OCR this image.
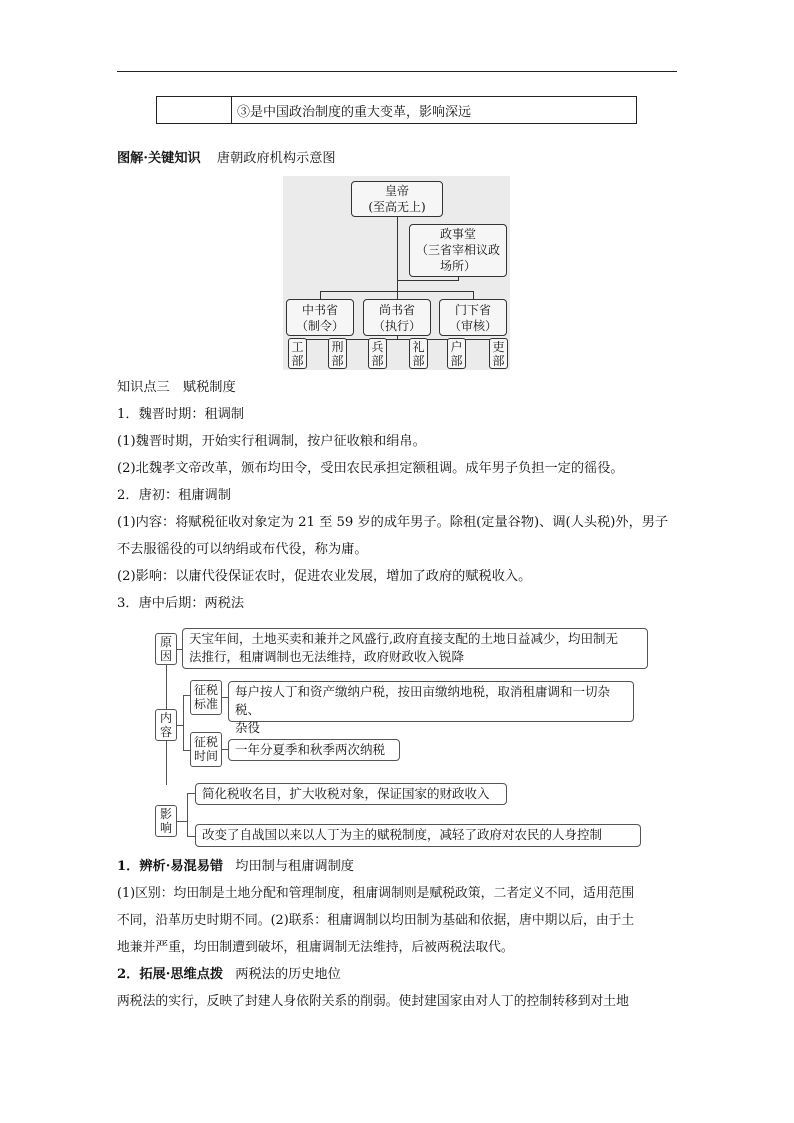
③是中国政治制度的重大变革，影响深远
图解·关键知识 唐朝政府机构示意图
皇帝
(至高无上)
政事堂
（三省宰相议政
场所）
中书省
（制令）
尚书省
（执行）
门下省
（审核）
工
部
刑
部
兵
部
礼
部
户
部
吏
部
知识点三　赋税制度
1．魏晋时期：租调制
(1)魏晋时期，开始实行租调制，按户征收粮和绢帛。
(2)北魏孝文帝改革，颁布均田令，受田农民承担定额租调。成年男子负担一定的徭役。
2．唐初：租庸调制
(1)内容：将赋税征收对象定为 21 至 59 岁的成年男子。除租(定量谷物)、调(人头税)外，男子
不去服徭役的可以纳绢或布代役，称为庸。
(2)影响：以庸代役保证农时，促进农业发展，增加了政府的赋税收入。
3．唐中后期：两税法
原
因
天宝年间，土地买卖和兼并之风盛行,政府直接支配的土地日益减少，均田制无
法推行，租庸调制也无法维持，政府财政收入锐降
内
容
征税
标准
每户按人丁和资产缴纳户税，按田亩缴纳地税，取消租庸调和一切杂税、
杂役
征税
时间	一年分夏季和秋季两次纳税
影
响
简化税收名目，扩大收税对象，保证国家的财政收入
改变了自战国以来以人丁为主的赋税制度，减轻了政府对农民的人身控制
1．辨析·易混易错 均田制与租庸调制度
(1)区别：均田制是土地分配和管理制度，租庸调制则是赋税政策，二者定义不同，适用范围
不同，沿革历史时期不同。(2)联系：租庸调制以均田制为基础和依据，唐中期以后，由于土
地兼并严重，均田制遭到破坏，租庸调制无法维持，后被两税法取代。
2．拓展·思维点拨 两税法的历史地位
两税法的实行，反映了封建人身依附关系的削弱。使封建国家由对人丁的控制转移到对土地
